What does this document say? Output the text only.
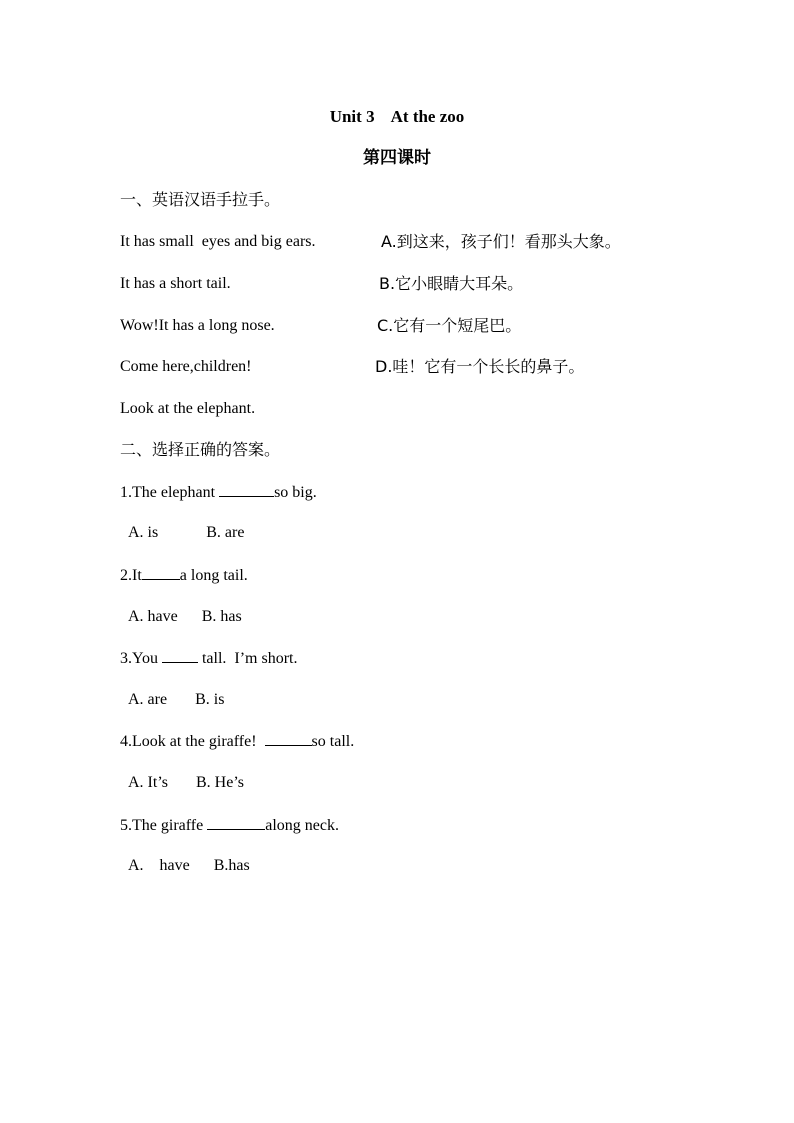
Unit 3    At the zoo
第四课时
一、英语汉语手拉手。
It has small  eyes and big ears.	A.到这来，孩子们！看那头大象。
It has a short tail.	B.它小眼睛大耳朵。
Wow!It has a long nose.	C.它有一个短尾巴。
Come here,children!	D.哇！它有一个长长的鼻子。
Look at the elephant.
二、选择正确的答案。
1.The elephant	so big.
A. is            B. are
2.It a long tail.
A. have      B. has
3.You  tall.  I’m short.
A. are       B. is
4.Look at the giraffe!	so tall.
A. It’s       B. He’s
5.The giraffe	along neck.
A.    have      B.has
